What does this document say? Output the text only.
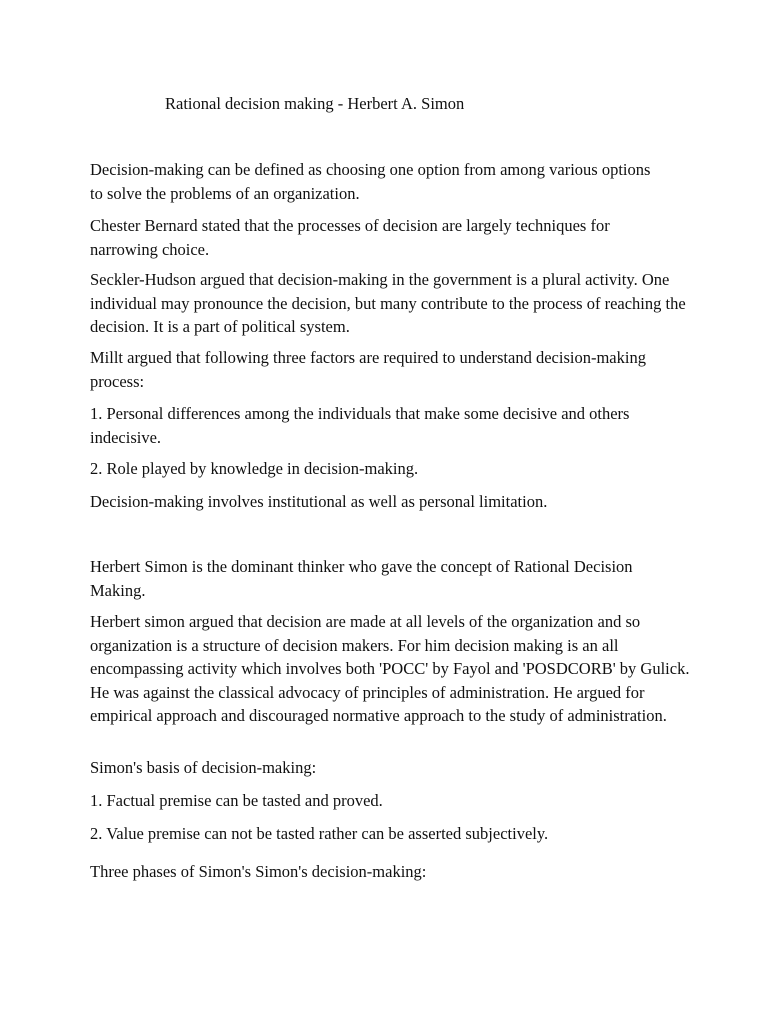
Rational decision making - Herbert A. Simon

Decision-making can be defined as choosing one option from among various options to solve the problems of an organization.

Chester Bernard stated that the processes of decision are largely techniques for narrowing choice.

Seckler-Hudson argued that decision-making in the government is a plural activity. One individual may pronounce the decision, but many contribute to the process of reaching the decision. It is a part of political system.

Millt argued that following three factors are required to understand decision-making process:

1. Personal differences among the individuals that make some decisive and others indecisive.

2. Role played by knowledge in decision-making.

Decision-making involves institutional as well as personal limitation.

Herbert Simon is the dominant thinker who gave the concept of Rational Decision Making.

Herbert simon argued that decision are made at all levels of the organization and so organization is a structure of decision makers. For him decision making is an all encompassing activity which involves both 'POCC' by Fayol and 'POSDCORB' by Gulick. He was against the classical advocacy of principles of administration. He argued for empirical approach and discouraged normative approach to the study of administration.

Simon's basis of decision-making:

1. Factual premise can be tasted and proved.

2. Value premise can not be tasted rather can be asserted subjectively.

Three phases of Simon's Simon's decision-making:
